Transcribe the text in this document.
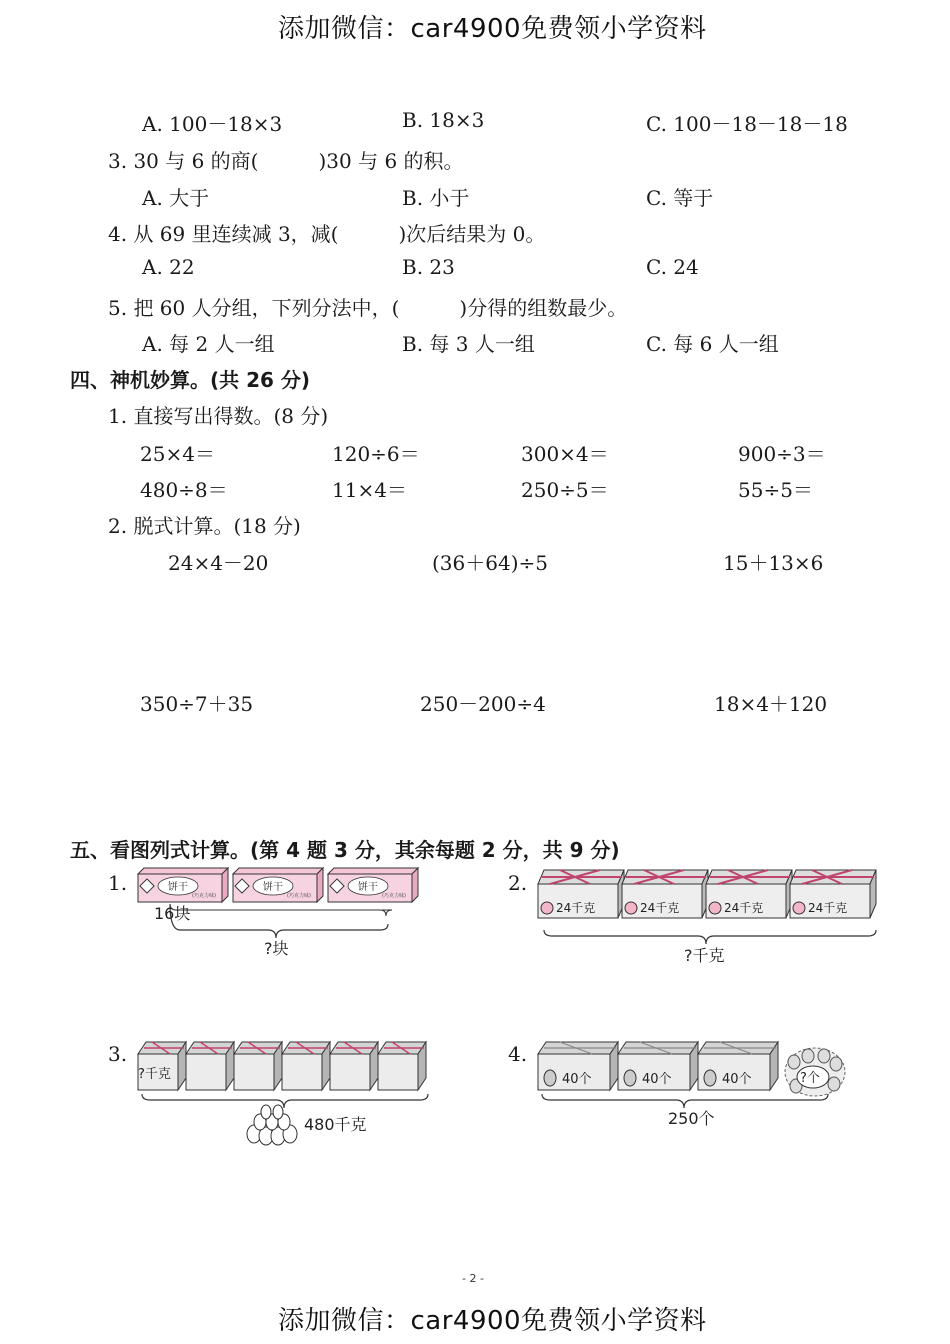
添加微信：car4900免费领小学资料
A. 100－18×3	B. 18×3	C. 100－18－18－18
3. 30 与 6 的商(　　　)30 与 6 的积。
A. 大于	B. 小于	C. 等于
4. 从 69 里连续减 3，减(　　　)次后结果为 0。
A. 22	B. 23	C. 24
5. 把 60 人分组，下列分法中，(　　　)分得的组数最少。
A. 每 2 人一组	B. 每 3 人一组	C. 每 6 人一组
四、神机妙算。(共 26 分)
1. 直接写出得数。(8 分)
25×4＝	120÷6＝	300×4＝	900÷3＝
480÷8＝	11×4＝	250÷5＝	55÷5＝
2. 脱式计算。(18 分)
24×4－20	(36＋64)÷5	15＋13×6
350÷7＋35	250－200÷4	18×4＋120
五、看图列式计算。(第 4 题 3 分，其余每题 2 分，共 9 分)
1.	饼干
(巧克力味)
饼干
(巧克力味)
饼干
(巧克力味)
16块
?块
2.
24千克	24千克	24千克	24千克
?千克
3.
?千克
480千克
4.
40个	40个	40个	?个
250个
- 2 -
添加微信：car4900免费领小学资料
